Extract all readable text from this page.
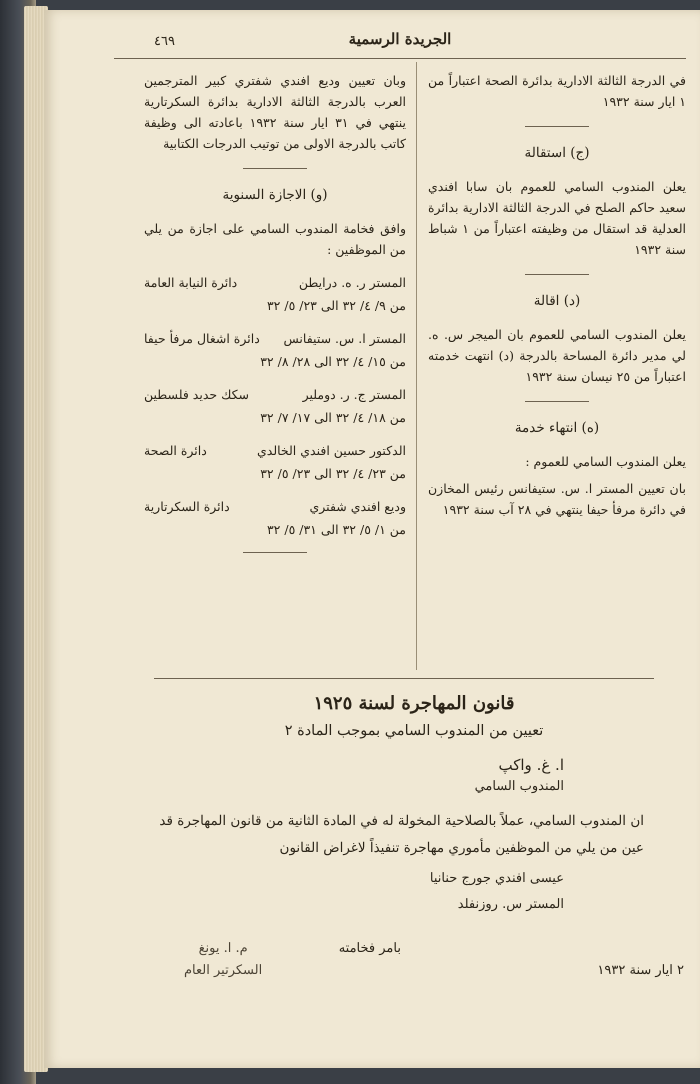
الجريدة الرسمية
٤٦٩

في الدرجة الثالثة الادارية بدائرة الصحة اعتباراً من ١ ايار سنة ١٩٣٢

(ج) استقالة

يعلن المندوب السامي للعموم بان سابا افندي سعيد حاكم الصلح في الدرجة الثالثة الادارية بدائرة العدلية قد استقال من وظيفته اعتباراً من ١ شباط سنة ١٩٣٢

(د) اقالة

يعلن المندوب السامي للعموم بان الميجر س. ه. لي مدير دائرة المساحة بالدرجة (د) انتهت خدمته اعتباراً من ٢٥ نيسان سنة ١٩٣٢

(ه) انتهاء خدمة

يعلن المندوب السامي للعموم :

بان تعيين المستر ا. س. ستيفانس رئيس المخازن في دائرة مرفأ حيفا ينتهي في ٢٨ آب سنة ١٩٣٢

وبان تعيين وديع افندي شفتري كبير المترجمين العرب بالدرجة الثالثة الادارية بدائرة السكرتارية ينتهي في ٣١ ايار سنة ١٩٣٢ باعادته الى وظيفة كاتب بالدرجة الاولى من توتيب الدرجات الكتابية

(و) الاجازة السنوية

وافق فخامة المندوب السامي على اجازة من يلي من الموظفين :

المستر ر. ه. درايطن
دائرة النيابة العامة
من ٩/ ٤/ ٣٢ الى ٢٣/ ٥/ ٣٢
المستر ا. س. ستيفانس
دائرة اشغال مرفأ حيفا
من ١٥/ ٤/ ٣٢ الى ٢٨/ ٨/ ٣٢
المستر ج. ر. دوملير
سكك حديد فلسطين
من ١٨/ ٤/ ٣٢ الى ١٧/ ٧/ ٣٢
الدكتور حسين افندي الخالدي
دائرة الصحة
من ٢٣/ ٤/ ٣٢ الى ٢٣/ ٥/ ٣٢
وديع افندي شفتري
دائرة السكرتارية
من ١/ ٥/ ٣٢ الى ٣١/ ٥/ ٣٢
قانون المهاجرة لسنة ١٩٢٥
تعيين من المندوب السامي بموجب المادة ٢
ا. غ. واكپ
المندوب السامي
ان المندوب السامي، عملاً بالصلاحية المخولة له في المادة الثانية من قانون المهاجرة قد عين من يلي من الموظفين مأموري مهاجرة تنفيذاً لاغراض القانون
عيسى افندي جورج حنانيا
المستر س. روزنفلد
٢ ايار سنة ١٩٣٢
بامر فخامته
م. ا. يونغ
السكرتير العام
